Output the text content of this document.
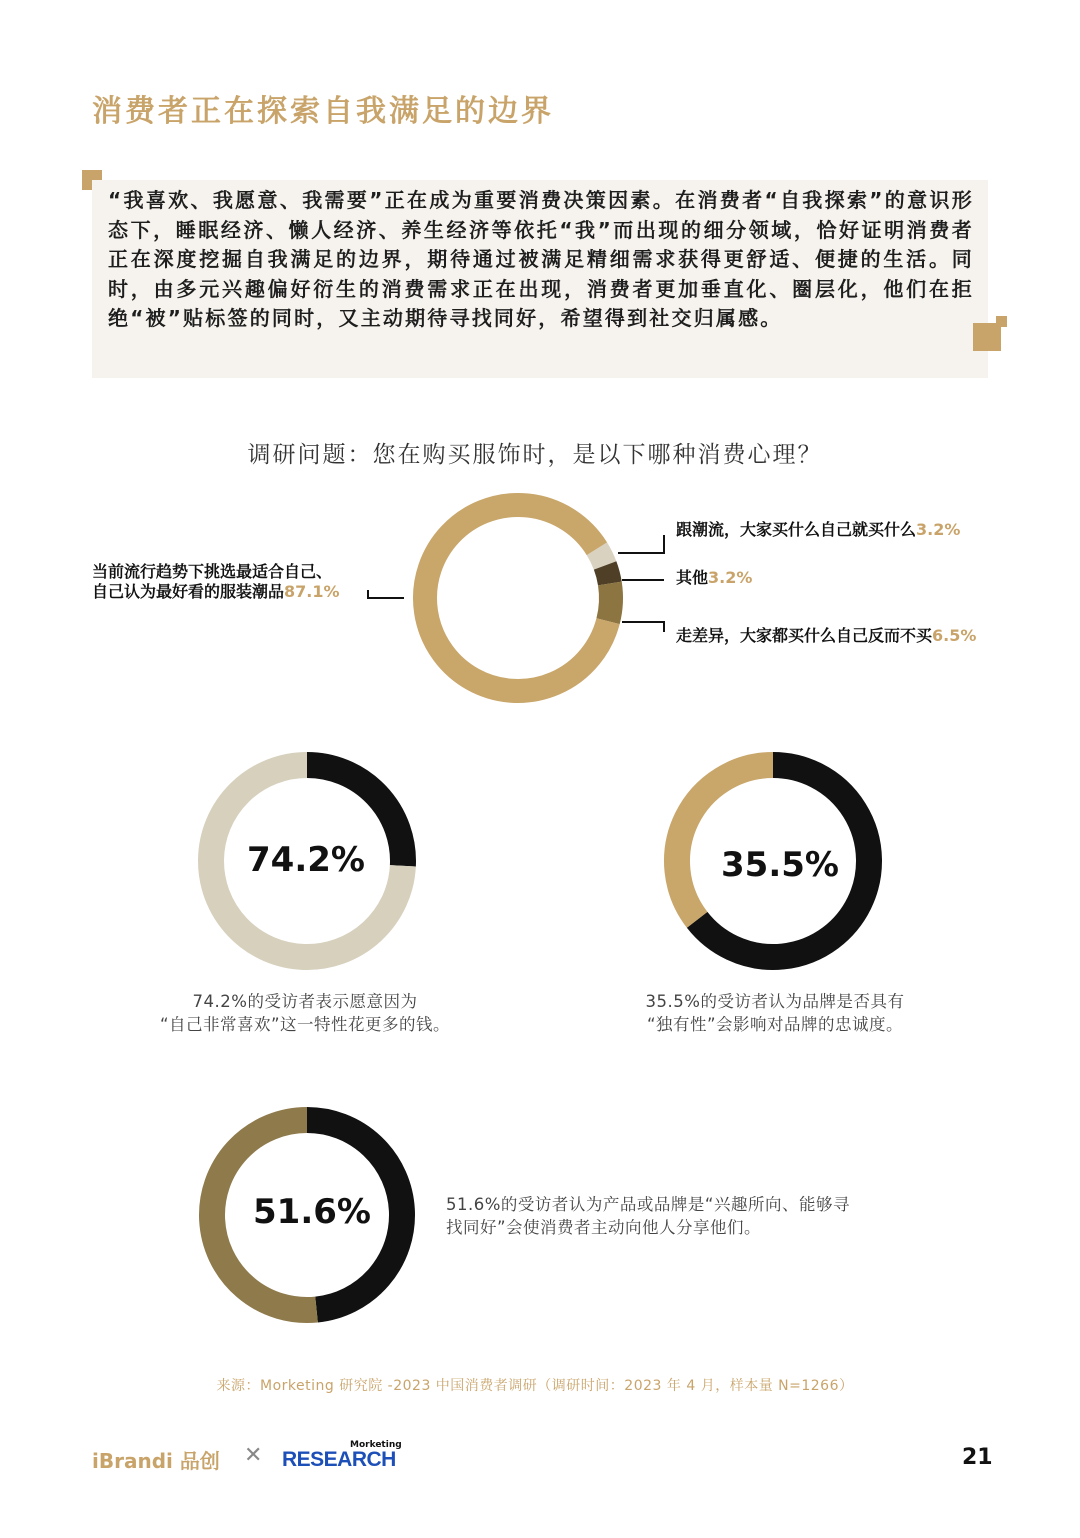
消费者正在探索自我满足的边界
“我喜欢、我愿意、我需要”正在成为重要消费决策因素。在消费者“自我探索”的意识形态下，睡眠经济、懒人经济、养生经济等依托“我”而出现的细分领域，恰好证明消费者正在深度挖掘自我满足的边界，期待通过被满足精细需求获得更舒适、便捷的生活。同时，由多元兴趣偏好衍生的消费需求正在出现，消费者更加垂直化、圈层化，他们在拒绝“被”贴标签的同时，又主动期待寻找同好，希望得到社交归属感。
调研问题：您在购买服饰时，是以下哪种消费心理？
当前流行趋势下挑选最适合自己、
自己认为最好看的服装潮品87.1%
跟潮流，大家买什么自己就买什么3.2%
其他3.2%
走差异，大家都买什么自己反而不买6.5%
74.2%	35.5%
51.6%
74.2%的受访者表示愿意因为
“自己非常喜欢”这一特性花更多的钱。
35.5%的受访者认为品牌是否具有
“独有性”会影响对品牌的忠诚度。
51.6%的受访者认为产品或品牌是“兴趣所向、能够寻
找同好”会使消费者主动向他人分享他们。
来源：Morketing 研究院 -2023 中国消费者调研（调研时间：2023 年 4 月，样本量 N=1266）
iBrandi 品创 ✕	Morketing
RESEARCH	21
